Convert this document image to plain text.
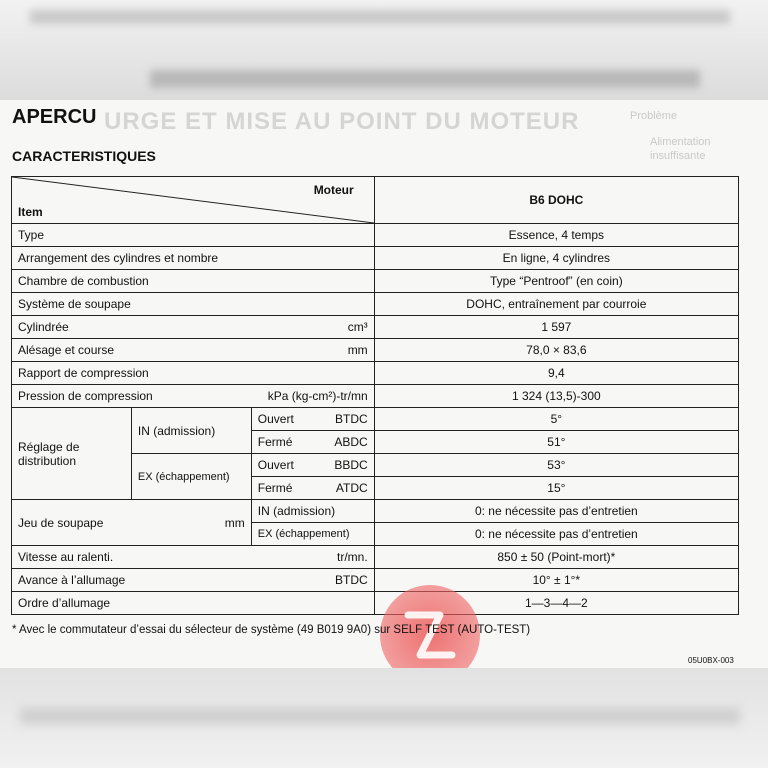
URGE ET MISE AU POINT DU MOTEUR	Problème
Alimentation
insuffisante
APERCU
CARACTERISTIQUES
Moteur
Item			B6 DOHC
Type			Essence, 4 temps
Arrangement des cylindres et nombre			En ligne, 4 cylindres
Chambre de combustion			Type “Pentroof” (en coin)
Système de soupape			DOHC, entraînement par courroie
Cylindrée cm³			1 597
Alésage et course mm			78,0 × 83,6
Rapport de compression			9,4
Pression de compression kPa (kg-cm²)-tr/mn			1 324 (13,5)-300
Réglage de distribution	IN (admission)	Ouvert BTDC	5°

		Fermé ABDC	51°
	EX (échappement)	Ouvert BBDC	53°

		Fermé ATDC	15°
Jeu de soupape mm		IN (admission)	0: ne nécessite pas d’entretien
		EX (échappement)	0: ne nécessite pas d’entretien
Vitesse au ralenti. tr/mn.			850 ± 50 (Point-mort)*
Avance à l’allumage BTDC			10° ± 1°*
Ordre d’allumage			1—3—4—2
* Avec le commutateur d’essai du sélecteur de système (49 B019 9A0) sur SELF TEST (AUTO-TEST)
05U0BX-003
